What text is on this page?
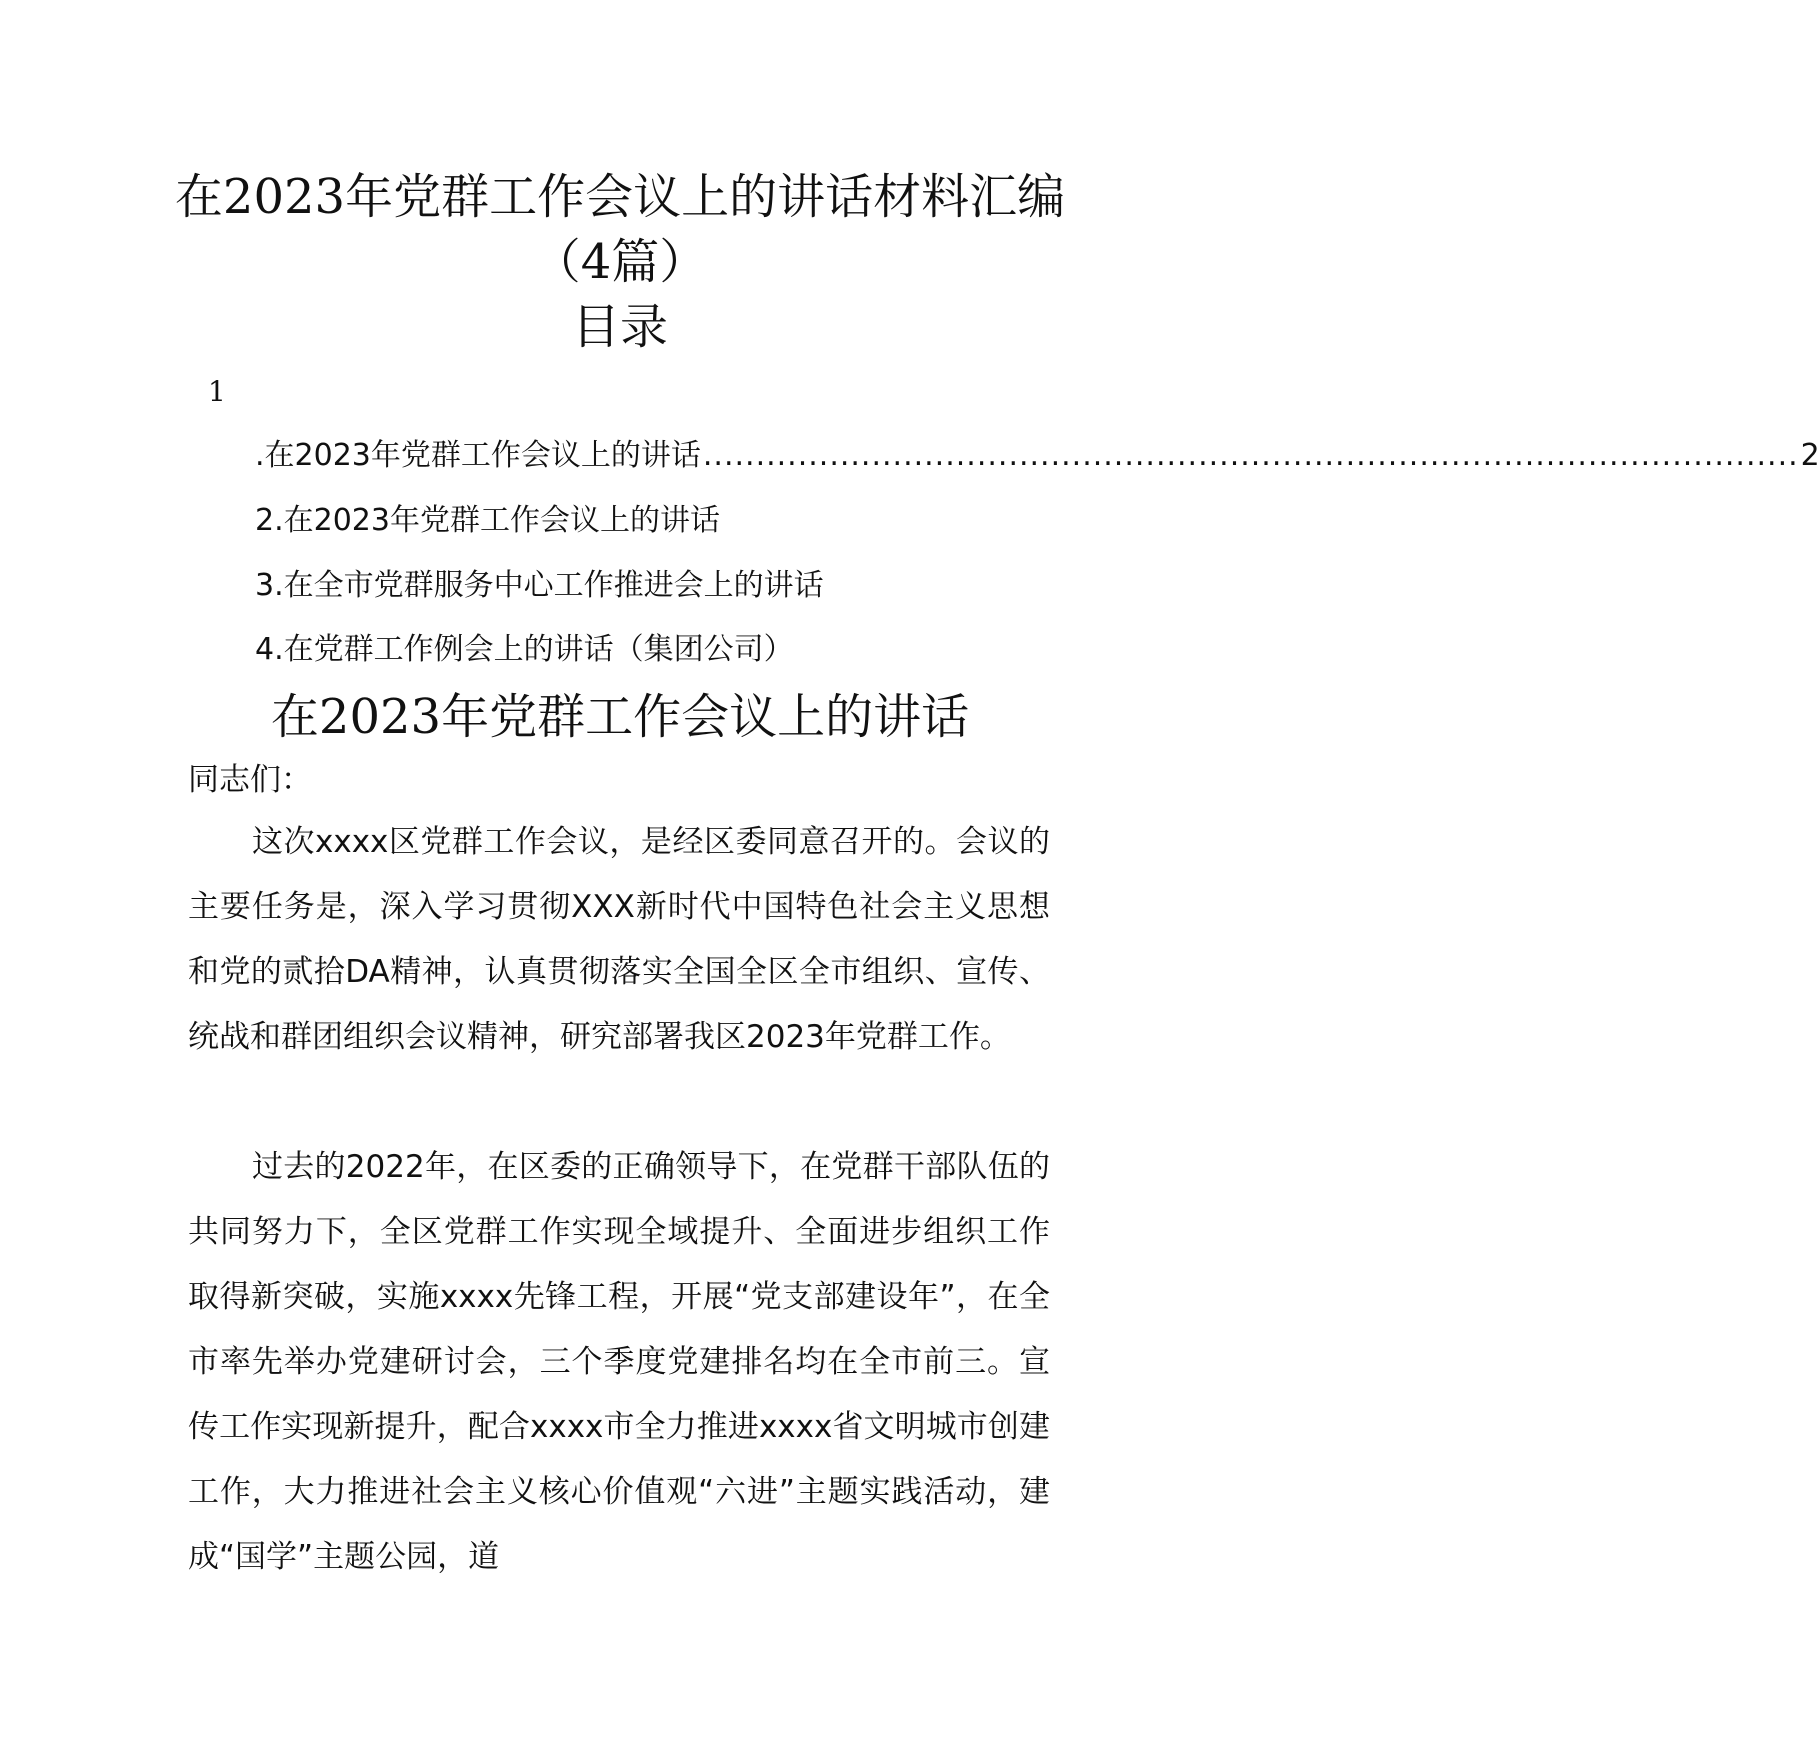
在2023年党群工作会议上的讲话材料汇编
（4篇）
目录
1
.在2023年党群工作会议上的讲话 ........................................................................................................ 2
2.在2023年党群工作会议上的讲话
3.在全市党群服务中心工作推进会上的讲话
4.在党群工作例会上的讲话（集团公司）
在2023年党群工作会议上的讲话
同志们：

这次xxxx区党群工作会议，是经区委同意召开的。会议的主要任务是，深入学习贯彻XXX新时代中国特色社会主义思想和党的贰拾DA精神，认真贯彻落实全国全区全市组织、宣传、统战和群团组织会议精神，研究部署我区2023年党群工作。

过去的2022年，在区委的正确领导下，在党群干部队伍的共同努力下，全区党群工作实现全域提升、全面进步组织工作取得新突破，实施xxxx先锋工程，开展“党支部建设年”，在全市率先举办党建研讨会，三个季度党建排名均在全市前三。宣传工作实现新提升，配合xxxx市全力推进xxxx省文明城市创建工作，大力推进社会主义核心价值观“六进”主题实践活动，建成“国学”主题公园，道
